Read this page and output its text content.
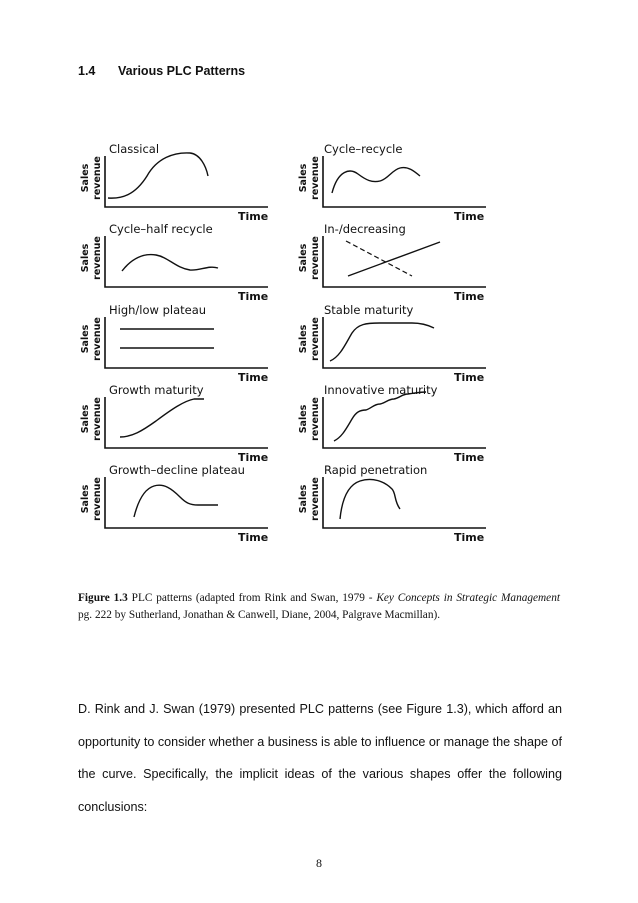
1.4 Various PLC Patterns
Classical
Sales revenue
Time
Cycle–recycle
Sales revenue
Time
Cycle–half recycle
Sales revenue
Time
In-/decreasing
Sales revenue
Time
High/low plateau
Sales revenue
Time
Stable maturity
Sales revenue
Time
Growth maturity
Sales revenue
Time
Innovative maturity
Sales revenue
Time
Growth–decline plateau
Sales revenue
Time
Rapid penetration
Sales revenue
Time
Figure 1.3 PLC patterns (adapted from Rink and Swan, 1979 - Key Concepts in Strategic Management pg. 222 by Sutherland, Jonathan & Canwell, Diane, 2004, Palgrave Macmillan).

D. Rink and J. Swan (1979) presented PLC patterns (see Figure 1.3), which afford an opportunity to consider whether a business is able to influence or manage the shape of the curve. Specifically, the implicit ideas of the various shapes offer the following conclusions:

8
